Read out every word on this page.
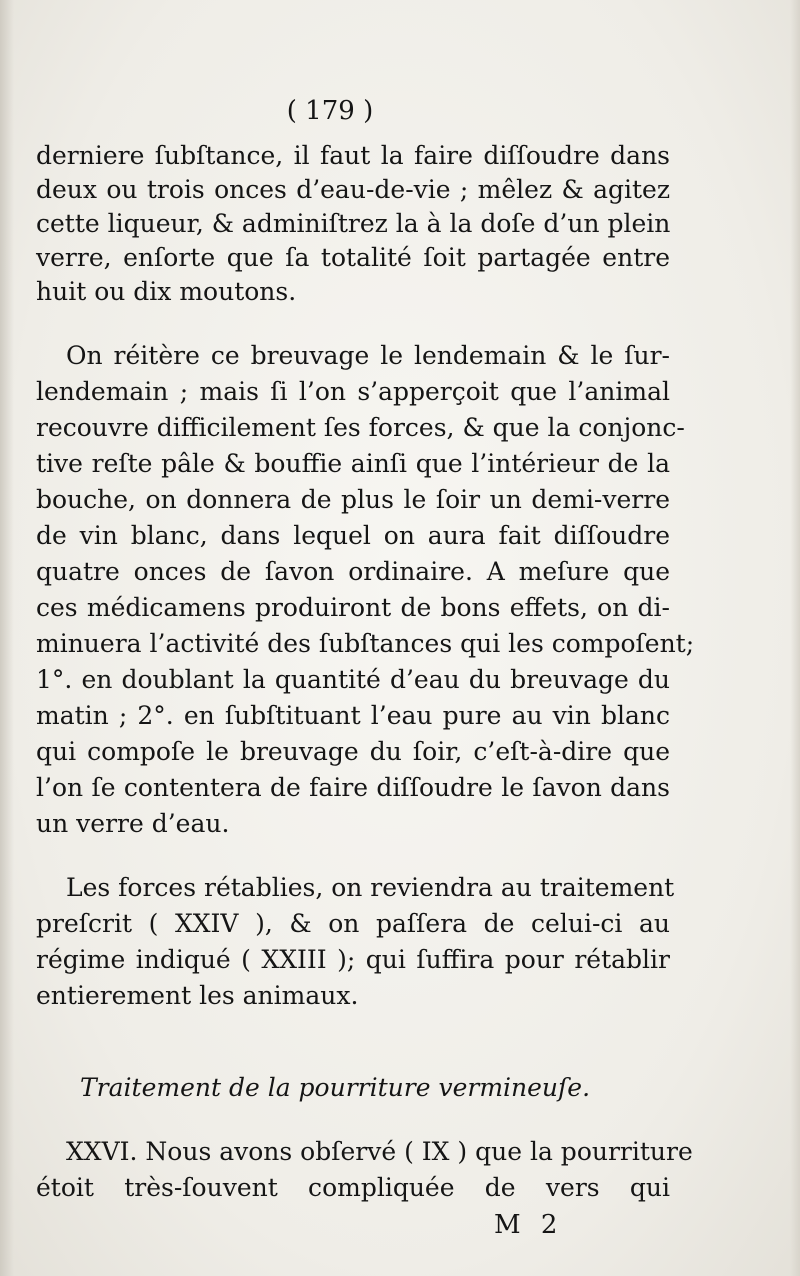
( 179 )
derniere ſubſtance, il faut la faire diſſoudre dans
deux ou trois onces d’eau-de-vie ; mêlez & agitez
cette liqueur, & adminiſtrez la à la doſe d’un plein
verre, enſorte que ſa totalité ſoit partagée entre
huit ou dix moutons.
On réitère ce breuvage le lendemain & le ſur-
lendemain ; mais ſi l’on s’apperçoit que l’animal
recouvre difficilement ſes forces, & que la conjonc-
tive reſte pâle & bouffie ainſi que l’intérieur de la
bouche, on donnera de plus le ſoir un demi-verre
de vin blanc, dans lequel on aura fait diſſoudre
quatre onces de ſavon ordinaire. A meſure que
ces médicamens produiront de bons effets, on di-
minuera l’activité des ſubſtances qui les compoſent;
1°. en doublant la quantité d’eau du breuvage du
matin ; 2°. en ſubſtituant l’eau pure au vin blanc
qui compoſe le breuvage du ſoir, c’eſt-à-dire que
l’on ſe contentera de faire diſſoudre le ſavon dans
un verre d’eau.
Les forces rétablies, on reviendra au traitement
preſcrit ( XXIV ), & on paſſera de celui-ci au
régime indiqué ( XXIII ); qui ſuffira pour rétablir
entierement les animaux.
XXVI. Nous avons obſervé ( IX ) que la pourriture
étoit très-ſouvent compliquée de vers qui
Traitement de la pourriture vermineuſe.
M 2
